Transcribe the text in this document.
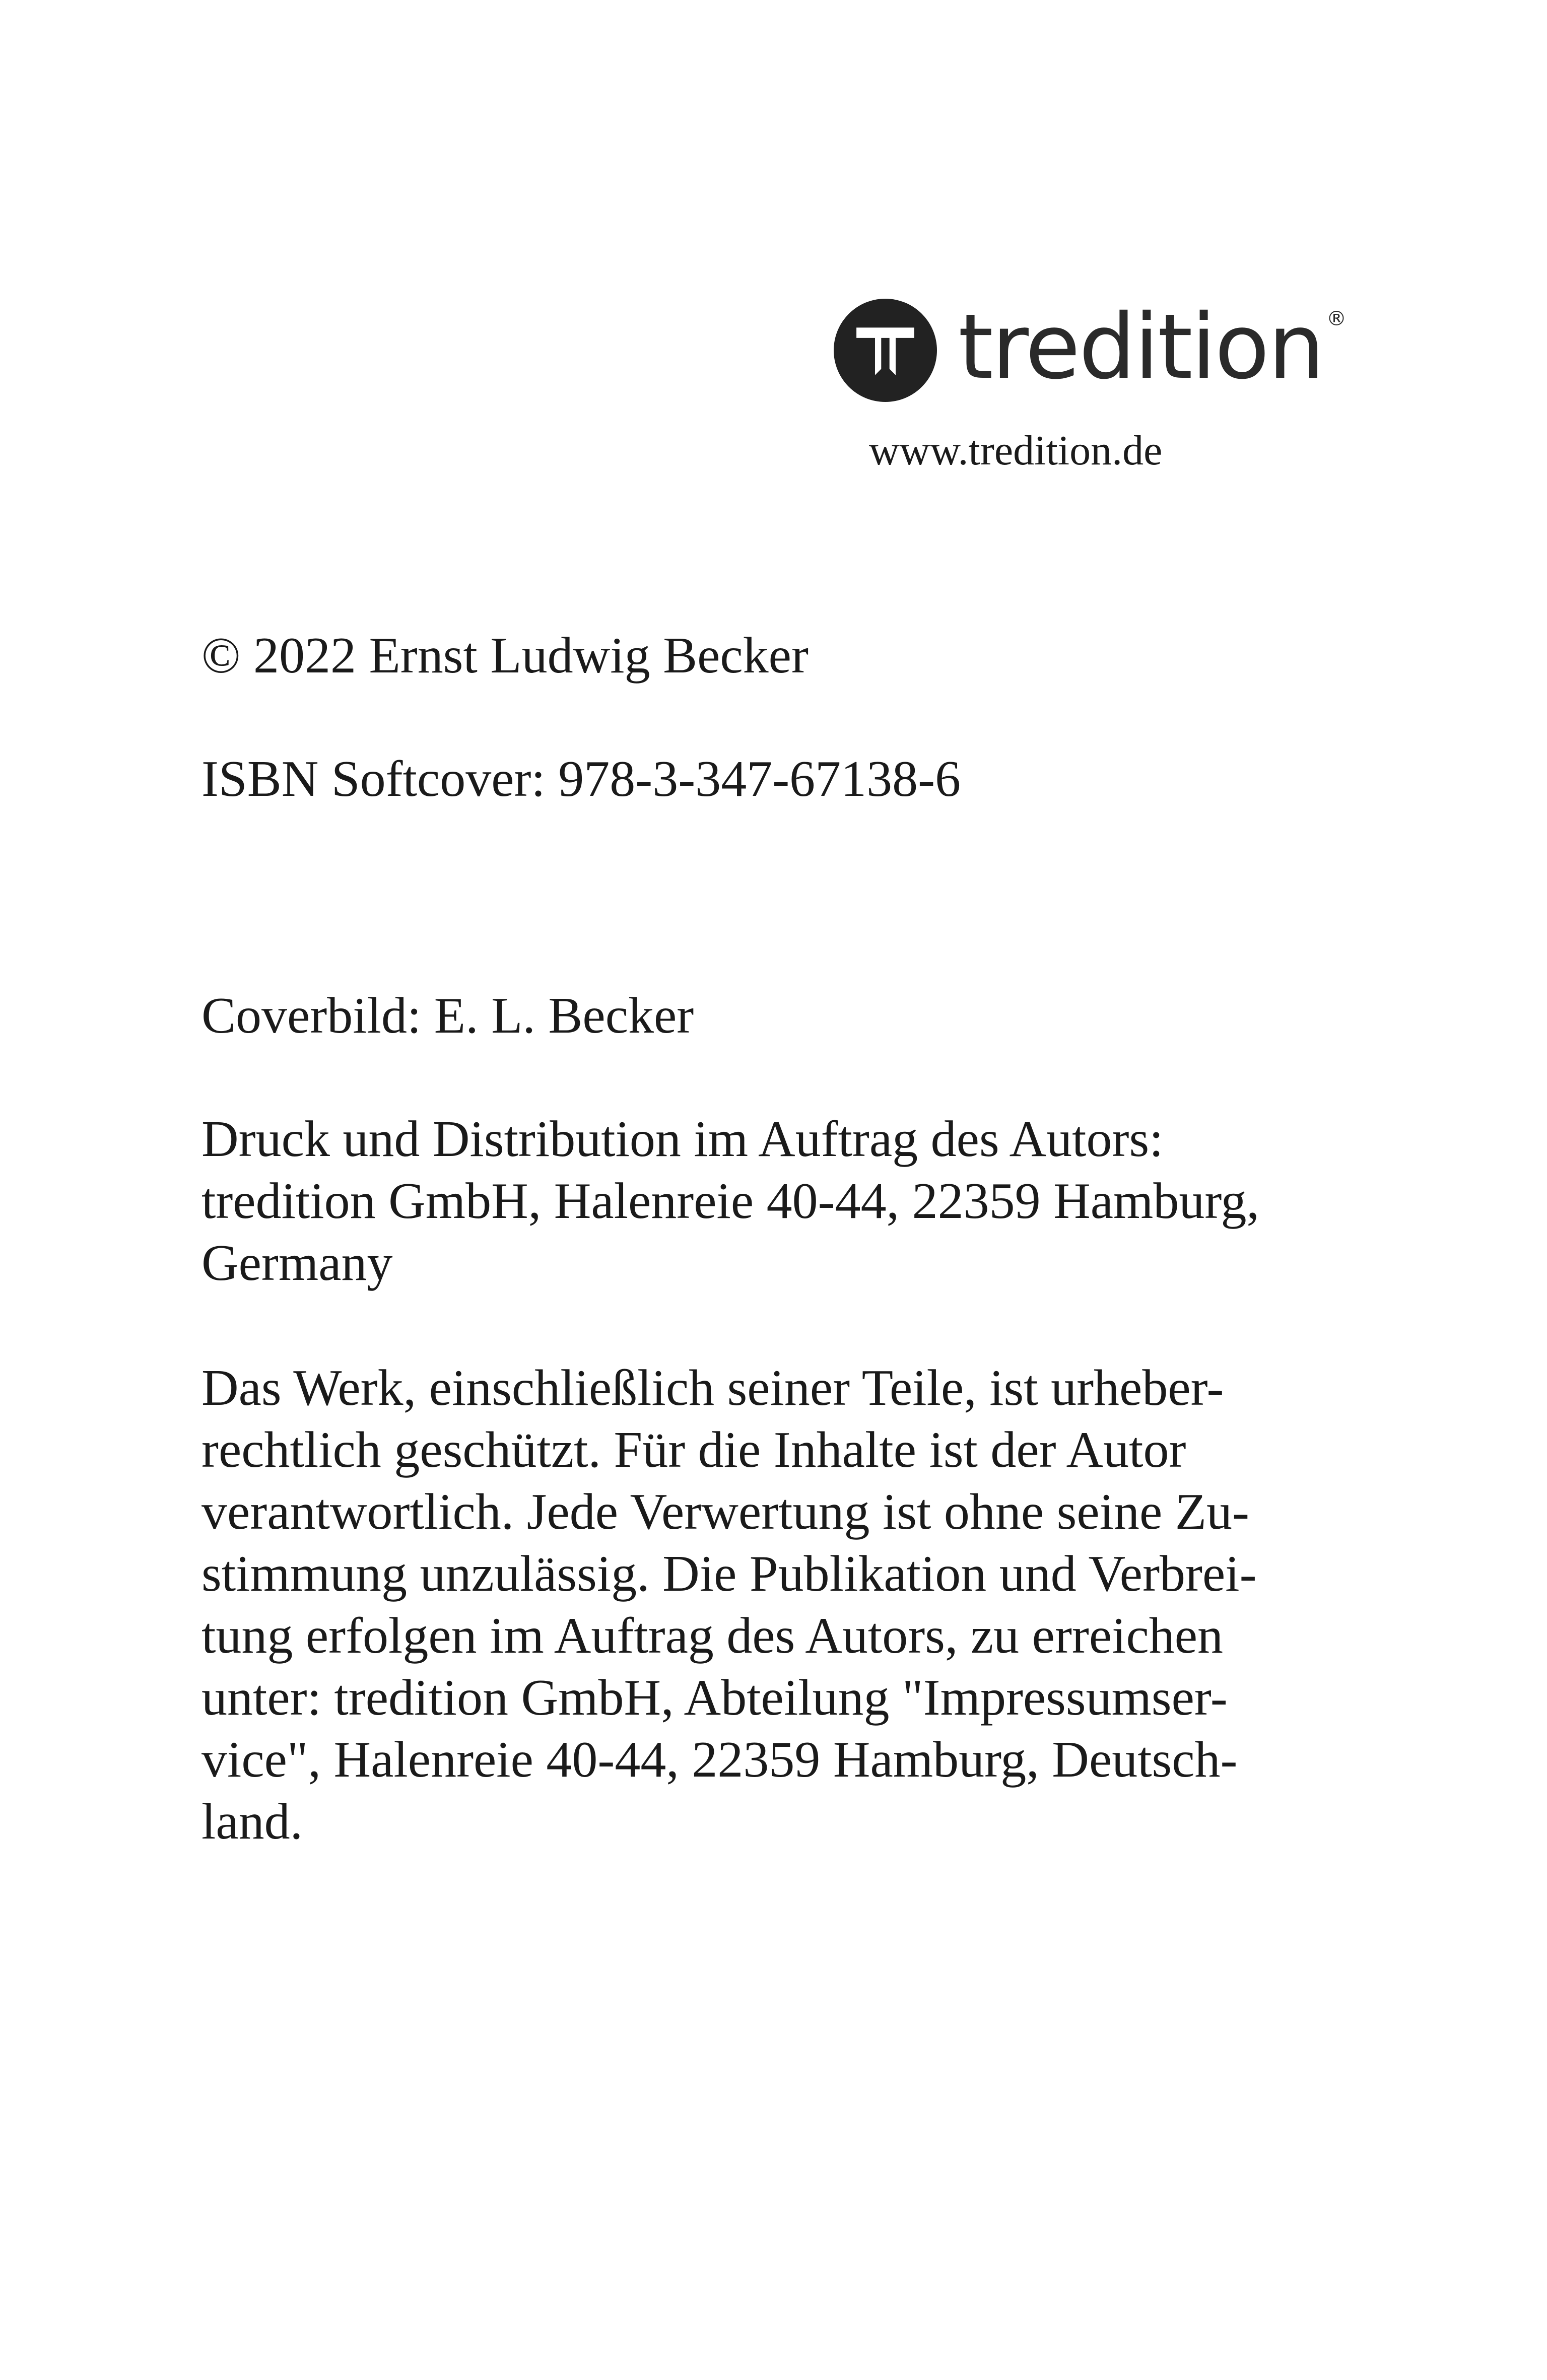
tredition ®
www.tredition.de

© 2022 Ernst Ludwig Becker

ISBN Softcover: 978-3-347-67138-6

Coverbild: E. L. Becker

Druck und Distribution im Auftrag des Autors:
tredition GmbH, Halenreie 40-44, 22359 Hamburg,
Germany

Das Werk, einschließlich seiner Teile, ist urheber-
rechtlich geschützt. Für die Inhalte ist der Autor
verantwortlich. Jede Verwertung ist ohne seine Zu-
stimmung unzulässig. Die Publikation und Verbrei-
tung erfolgen im Auftrag des Autors, zu erreichen
unter: tredition GmbH, Abteilung "Impressumser-
vice", Halenreie 40-44, 22359 Hamburg, Deutsch-
land.
